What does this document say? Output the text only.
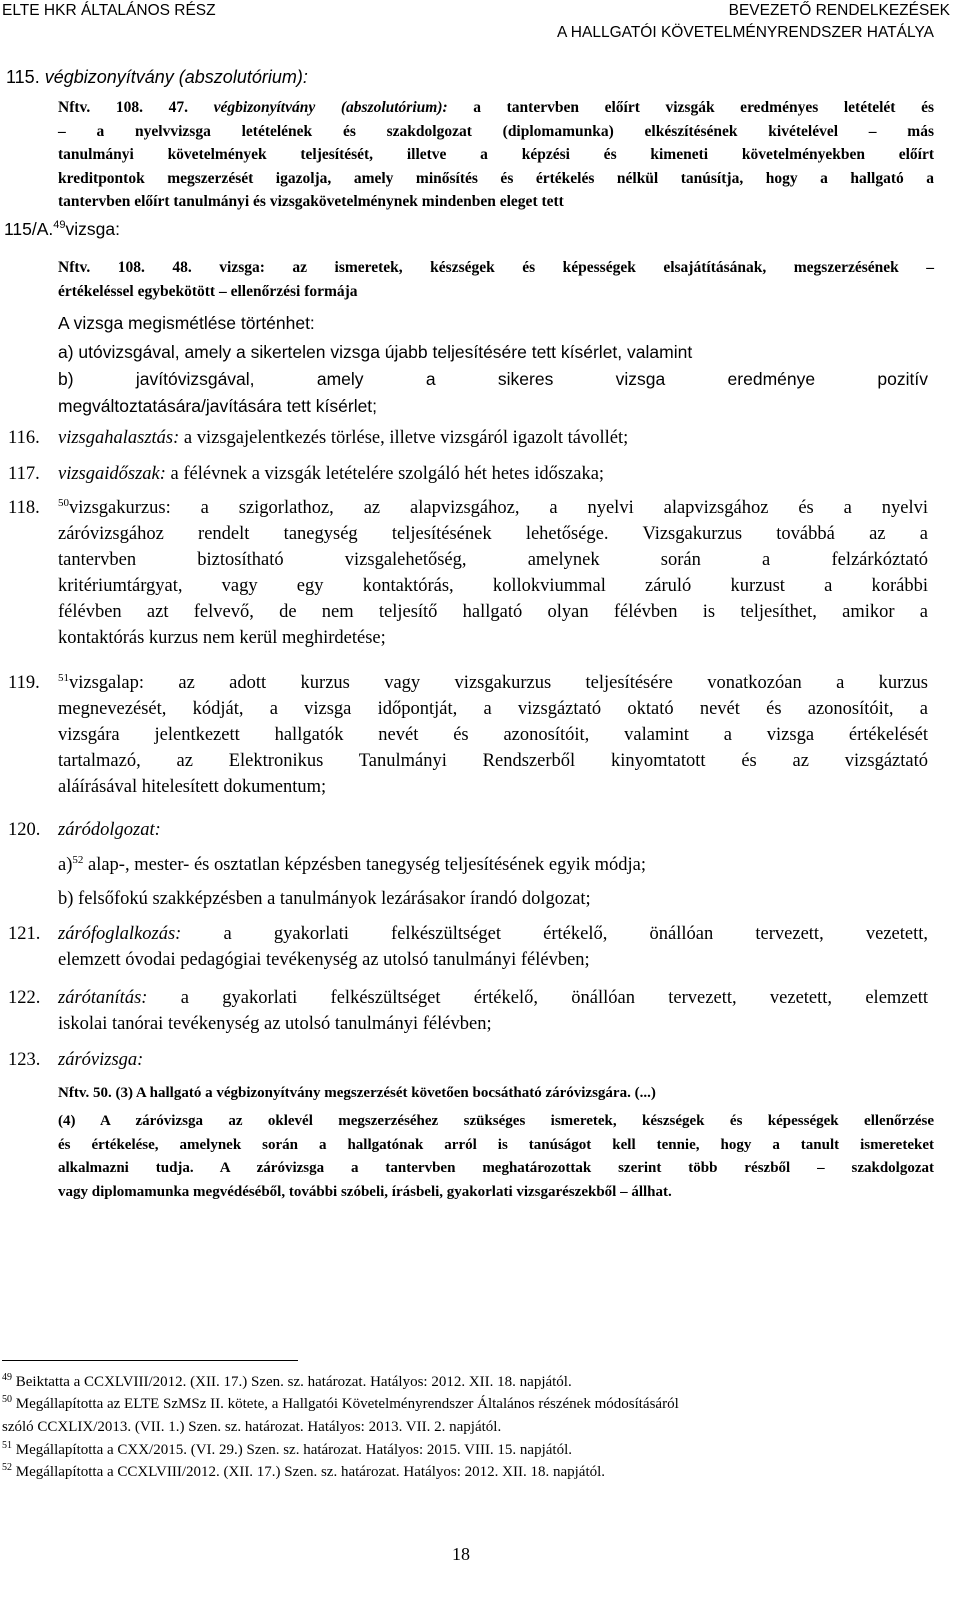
ELTE HKR ÁLTALÁNOS RÉSZ	BEVEZETŐ RENDELKEZÉSEK
A HALLGATÓI KÖVETELMÉNYRENDSZER HATÁLYA
115. végbizonyítvány (abszolutórium):
Nftv. 108. 47. végbizonyítvány (abszolutórium): a tantervben előírt vizsgák eredményes letételét és
– a nyelvvizsga letételének és szakdolgozat (diplomamunka) elkészítésének kivételével – más
tanulmányi követelmények teljesítését, illetve a képzési és kimeneti követelményekben előírt
kreditpontok megszerzését igazolja, amely minősítés és értékelés nélkül tanúsítja, hogy a hallgató a
tantervben előírt tanulmányi és vizsgakövetelménynek mindenben eleget tett
115/A.$^{49}$vizsga:
Nftv. 108. 48. vizsga: az ismeretek, készségek és képességek elsajátításának, megszerzésének –
értékeléssel egybekötött – ellenőrzési formája
A vizsga megismétlése történhet:
a) utóvizsgával, amely a sikertelen vizsga újabb teljesítésére tett kísérlet, valamint
b) javítóvizsgával, amely a sikeres vizsga eredménye pozitív
megváltoztatására/javítására tett kísérlet;
116. vizsgahalasztás: a vizsgajelentkezés törlése, illetve vizsgáról igazolt távollét;
117. vizsgaidőszak: a félévnek a vizsgák letételére szolgáló hét hetes időszaka;
118. $^{50}$vizsgakurzus: a szigorlathoz, az alapvizsgához, a nyelvi alapvizsgához és a nyelvi
záróvizsgához rendelt tanegység teljesítésének lehetősége. Vizsgakurzus továbbá az a
tantervben biztosítható vizsgalehetőség, amelynek során a felzárkóztató
kritériumtárgyat, vagy egy kontaktórás, kollokviummal záruló kurzust a korábbi
félévben azt felvevő, de nem teljesítő hallgató olyan félévben is teljesíthet, amikor a
kontaktórás kurzus nem kerül meghirdetése;
119. $^{51}$vizsgalap: az adott kurzus vagy vizsgakurzus teljesítésére vonatkozóan a kurzus
megnevezését, kódját, a vizsga időpontját, a vizsgáztató oktató nevét és azonosítóit, a
vizsgára jelentkezett hallgatók nevét és azonosítóit, valamint a vizsga értékelését
tartalmazó, az Elektronikus Tanulmányi Rendszerből kinyomtatott és az vizsgáztató
aláírásával hitelesített dokumentum;
120. záródolgozat:
a)$^{52}$ alap-, mester- és osztatlan képzésben tanegység teljesítésének egyik módja;
b) felsőfokú szakképzésben a tanulmányok lezárásakor írandó dolgozat;
121. zárófoglalkozás: a gyakorlati felkészültséget értékelő, önállóan tervezett, vezetett,
elemzett óvodai pedagógiai tevékenység az utolsó tanulmányi félévben;
122. zárótanítás: a gyakorlati felkészültséget értékelő, önállóan tervezett, vezetett, elemzett
iskolai tanórai tevékenység az utolsó tanulmányi félévben;
123. záróvizsga:
Nftv. 50. (3) A hallgató a végbizonyítvány megszerzését követően bocsátható záróvizsgára. (...)
(4) A záróvizsga az oklevél megszerzéséhez szükséges ismeretek, készségek és képességek ellenőrzése
és értékelése, amelynek során a hallgatónak arról is tanúságot kell tennie, hogy a tanult ismereteket
alkalmazni tudja. A záróvizsga a tantervben meghatározottak szerint több részből – szakdolgozat
vagy diplomamunka megvédéséből, további szóbeli, írásbeli, gyakorlati vizsgarészekből – állhat.
$^{49}$ Beiktatta a CCXLVIII/2012. (XII. 17.) Szen. sz. határozat. Hatályos: 2012. XII. 18. napjától.
$^{50}$ Megállapította az ELTE SzMSz II. kötete, a Hallgatói Követelményrendszer Általános részének módosításáról
szóló CCXLIX/2013. (VII. 1.) Szen. sz. határozat. Hatályos: 2013. VII. 2. napjától.
$^{51}$ Megállapította a CXX/2015. (VI. 29.) Szen. sz. határozat. Hatályos: 2015. VIII. 15. napjától.
$^{52}$ Megállapította a CCXLVIII/2012. (XII. 17.) Szen. sz. határozat. Hatályos: 2012. XII. 18. napjától.
18
